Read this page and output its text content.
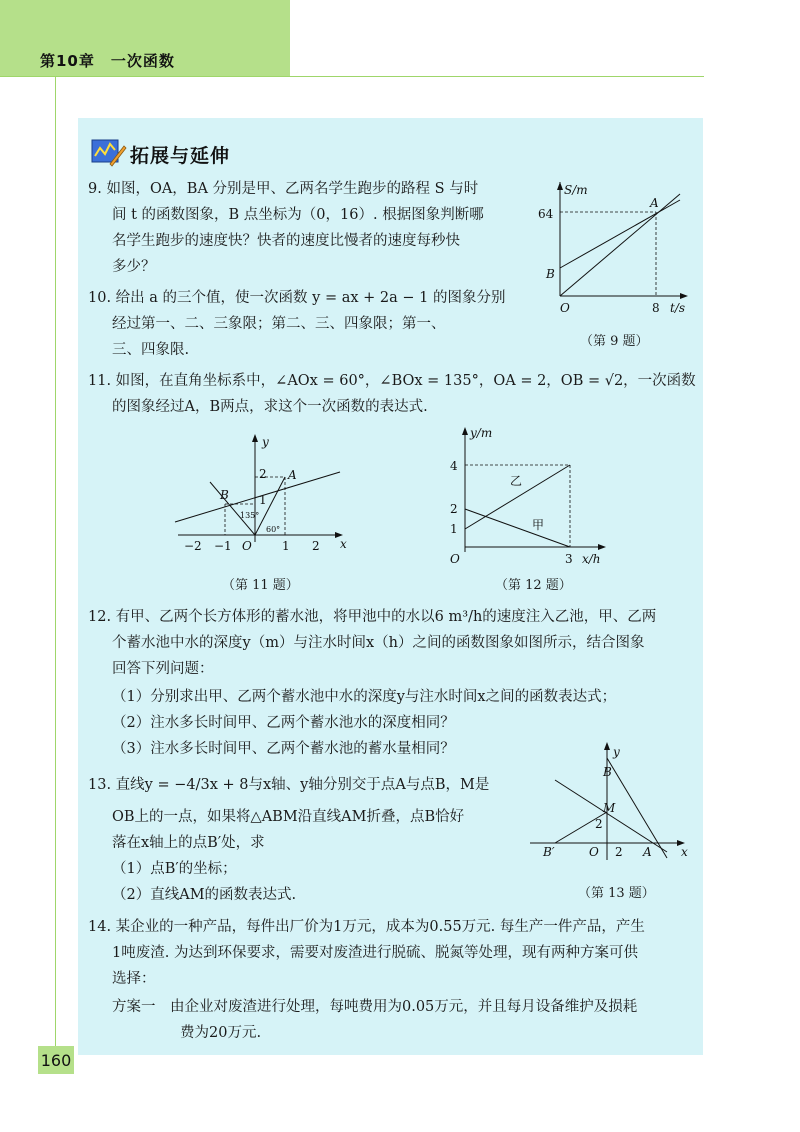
第10章　一次函数
拓展与延伸
9. 如图，OA，BA 分别是甲、乙两名学生跑步的路程 S 与时
间 t 的函数图象，B 点坐标为（0，16）. 根据图象判断哪
名学生跑步的速度快？快者的速度比慢者的速度每秒快
多少？
10. 给出 a 的三个值，使一次函数 y = ax + 2a − 1 的图象分别
经过第一、二、三象限；第二、三、四象限；第一、
三、四象限.
S/m
64
B
A
O	8 t/s
（第 9 题）
11. 如图，在直角坐标系中，∠AOx = 60°，∠BOx = 135°，OA = 2，OB = √2，一次函数
的图象经过A，B两点，求这个一次函数的表达式.
y
x
A
B
2
1
135°
60°
−2 −1 O	1 2
（第 11 题）
y/m
4
2
1
O	3 x/h
乙
甲
（第 12 题）
12. 有甲、乙两个长方体形的蓄水池，将甲池中的水以6 m³/h的速度注入乙池，甲、乙两
个蓄水池中水的深度y（m）与注水时间x（h）之间的函数图象如图所示，结合图象
回答下列问题：
（1）分别求出甲、乙两个蓄水池中水的深度y与注水时间x之间的函数表达式；
（2）注水多长时间甲、乙两个蓄水池水的深度相同？
（3）注水多长时间甲、乙两个蓄水池的蓄水量相同？
13. 直线y = −4/3x + 8与x轴、y轴分别交于点A与点B，M是
OB上的一点，如果将△ABM沿直线AM折叠，点B恰好
落在x轴上的点B′处，求
（1）点B′的坐标；
（2）直线AM的函数表达式.
y
x
B
M
2
B′	O 2 A
（第 13 题）
14. 某企业的一种产品，每件出厂价为1万元，成本为0.55万元. 每生产一件产品，产生
1吨废渣. 为达到环保要求，需要对废渣进行脱硫、脱氮等处理，现有两种方案可供
选择：
方案一　由企业对废渣进行处理，每吨费用为0.05万元，并且每月设备维护及损耗
费为20万元.
160
